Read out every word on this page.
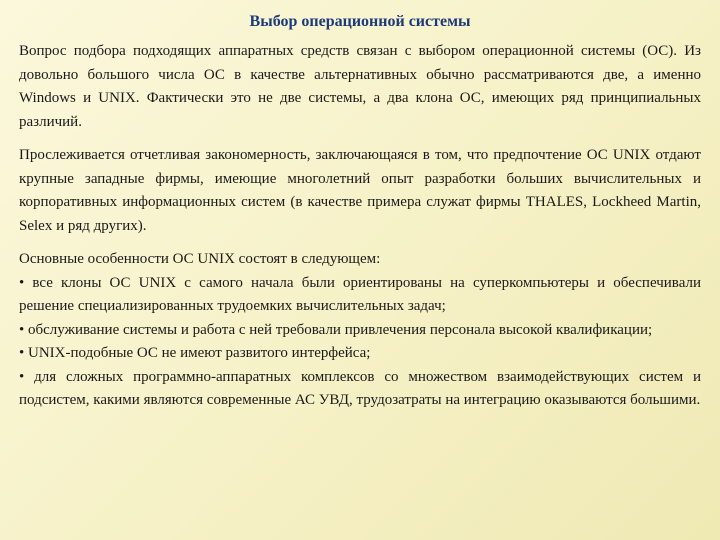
Выбор операционной системы
Вопрос подбора подходящих аппаратных средств связан с выбором операционной системы (ОС). Из довольно большого числа ОС в качестве альтернативных обычно рассматриваются две, а именно Windows и UNIX. Фактически это не две системы, а два клона ОС, имеющих ряд принципиальных различий.
Прослеживается отчетливая закономерность, заключающаяся в том, что предпочтение ОС UNIX отдают крупные западные фирмы, имеющие многолетний опыт разработки больших вычислительных и корпоративных информационных систем (в качестве примера служат фирмы THALES, Lockheed Martin, Selex и ряд других).
Основные особенности ОС UNIX состоят в следующем:
• все клоны ОС UNIX с самого начала были ориентированы на суперкомпьютеры и обеспечивали решение специализированных трудоемких вычислительных задач;
• обслуживание системы и работа с ней требовали привлечения персонала высокой квалификации;
• UNIX-подобные ОС не имеют развитого интерфейса;
• для сложных программно-аппаратных комплексов со множеством взаимодействующих систем и подсистем, какими являются современные АС УВД, трудозатраты на интеграцию оказываются большими.
